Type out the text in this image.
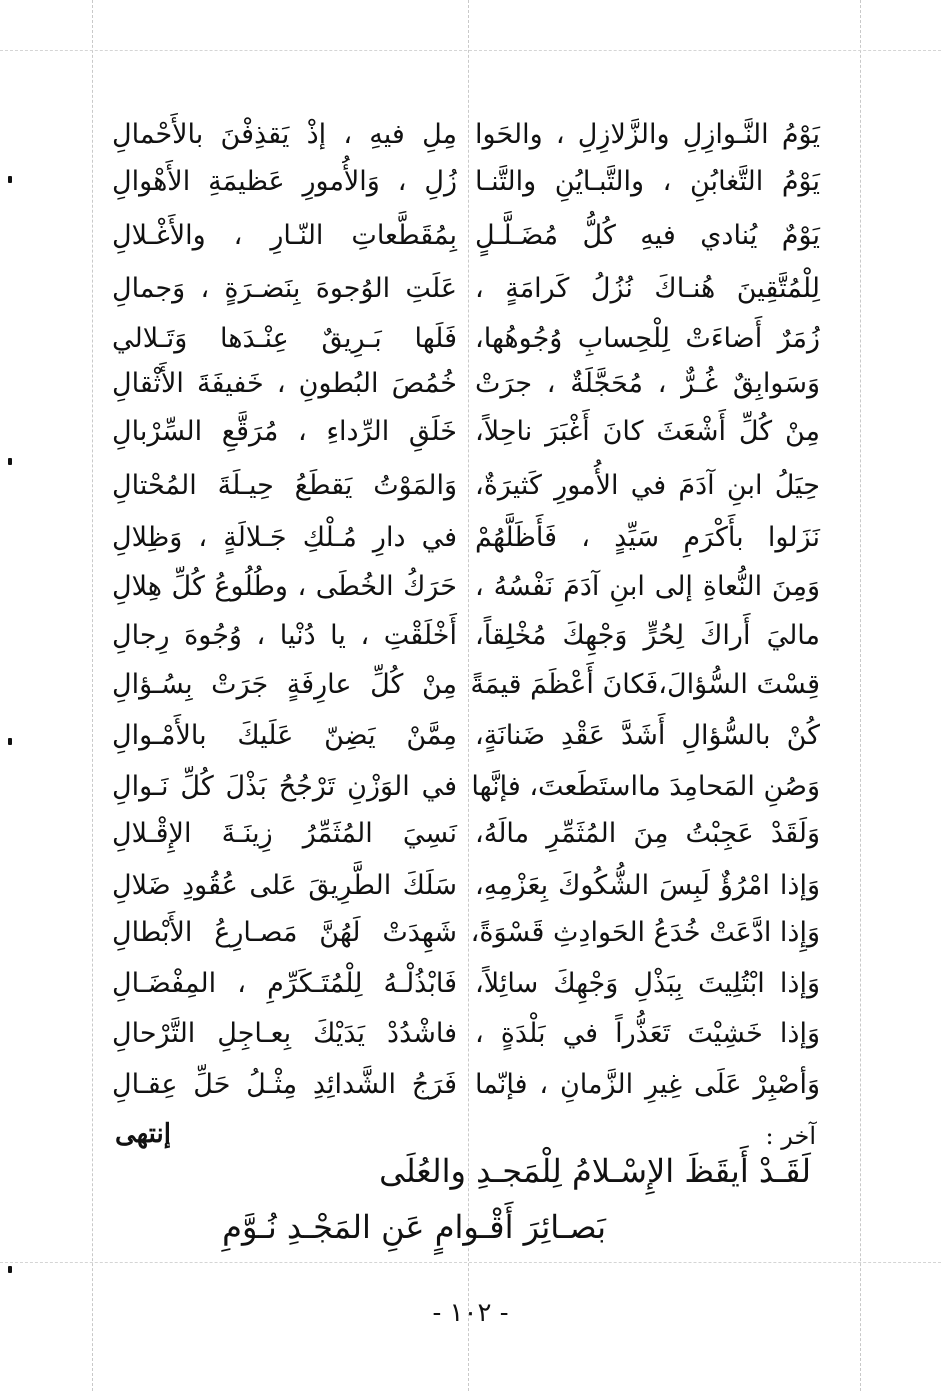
يَوْمُ النَّـوازِلِ والزَّلازِلِ ، والحَوا
مِلِ فيهِ ، إذْ يَقذِفْنَ بالأَحْمالِ
يَوْمُ التَّغابُنِ ، والتَّبـايُنِ والتَّنـا
زُلِ ، وَالأُمورِ عَظيمَةِ الأَهْوالِ
يَوْمٌ يُنادي فيهِ كُلُّ مُضَـلَّـلٍ
بِمُقَطَّعاتِ النّـارِ ، والأَغْـلالِ
لِلْمُتَّقِينَ هُنـاكَ نُزُلُ كَرامَةٍ ،
عَلَتِ الوُجوهَ بِنَضـرَةٍ ، وَجمالِ
زُمَرٌ أَضاءَتْ لِلْحِسابِ وُجُوهُها،
فَلَها بَـرِيقٌ عِنْـدَها وَتَـلالي
وَسَوابِقٌ غُـرٌّ ، مُحَجَّلَةٌ ، جرَتْ
خُمُصَ البُطونِ ، خَفيفَةَ الأَثْقالِ
مِنْ كُلِّ أَشْعَثَ كانَ أَغْبَرَ ناحِلاً،
خَلَقِ الرِّداءِ ، مُرَقَّعِ السِّرْبالِ
حِيَلُ ابنِ آدَمَ في الأُمورِ كَثيرَةٌ،
وَالمَوْتُ يَقطَعُ حِيـلَةَ المُحْتالِ
نَزَلوا بأَكْرَمِ سَيِّدٍ ، فَأَظَلَّهُمْ
في دارِ مُـلْكِ جَـلالَةٍ ، وَظِلالِ
وَمِنَ النُّعاةِ إلى ابنِ آدَمَ نَفْسُهُ ،
حَرَكُ الخُطَى ، وطُلُوعُ كُلِّ هِلالِ
ماليَ أَراكَ لِحُرٍّ وَجْهِكَ مُخْلِقاً،
أَخْلَقْتِ ، يا دُنْيا ، وُجُوهَ رِجالِ
قِسْتَ السُّؤالَ،فَكانَ أَعْظَمَ قيمَةً
مِنْ كُلِّ عارِفَةٍ جَرَتْ بِسُـؤالِ
كُنْ بالسُّؤالِ أَشَدَّ عَقْدِ ضَنانَةٍ،
مِمَّنْ يَضِنّ عَلَيكَ بالأَمْـوالِ
وَصُنِ المَحامِدَ مااستَطَعتَ، فإنَّها
في الوَزْنِ تَرْجُحُ بَذْلَ كُلِّ نَـوالِ
وَلَقَدْ عَجِبْتُ مِنَ المُثَمِّرِ مالَهُ،
نَسِيَ المُثَمِّرُ زِينَـةَ الإِقْـلالِ
وَإذا امْرُؤٌ لَبِسَ الشُّكُوكَ بِعَزْمِهِ،
سَلَكَ الطَّرِيقَ عَلى عُقُودِ ضَلالِ
وَإِذا ادَّعَتْ خُدَعُ الحَوادِثِ قَسْوَةً،
شَهِدَتْ لَهُنَّ مَصـارِعُ الأَبْطالِ
وَإذا ابْتُلِيتَ بِبَذْلِ وَجْهِكَ سائِلاً،
فَابْذُلْـهُ لِلْمُتَـكَرِّمِ ، المِفْضَـالِ
وَإذا خَشِيْتَ تَعَذُّراً في بَلْدَةٍ ،
فاشْدُدْ يَدَيْكَ بِعـاجِلِ التَّرْحالِ
وَأصْبِرْ عَلَى غِيرِ الزَّمانِ ، فإنّما
فَرَجُ الشَّدائِدِ مِثْـلُ حَلِّ عِقـالِ
إنتهى	آخر :
لَقَـدْ أَيقَظَ الإِسْـلامُ لِلْمَجـدِ والعُلَى
بَصـائِرَ أَقْـوامٍ عَنِ المَجْـدِ نُـوَّمِ
- ١٠٢ -
